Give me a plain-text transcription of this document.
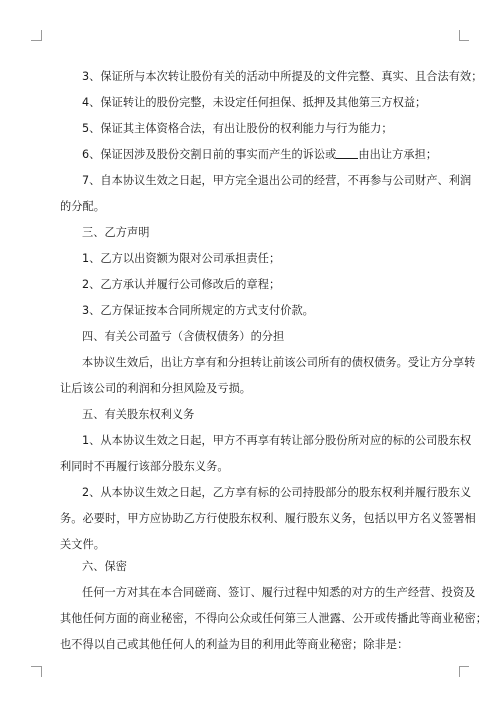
3、保证所与本次转让股份有关的活动中所提及的文件完整、真实、且合法有效；
4、保证转让的股份完整，未设定任何担保、抵押及其他第三方权益；
5、保证其主体资格合法，有出让股份的权利能力与行为能力；
6、保证因涉及股份交割日前的事实而产生的诉讼或 由出让方承担；
7、自本协议生效之日起，甲方完全退出公司的经营，不再参与公司财产、利润
的分配。
三、乙方声明
1、乙方以出资额为限对公司承担责任；
2、乙方承认并履行公司修改后的章程；
3、乙方保证按本合同所规定的方式支付价款。
四、有关公司盈亏（含债权债务）的分担
本协议生效后，出让方享有和分担转让前该公司所有的债权债务。受让方分享转
让后该公司的利润和分担风险及亏损。
五、有关股东权利义务
1、从本协议生效之日起，甲方不再享有转让部分股份所对应的标的公司股东权
利同时不再履行该部分股东义务。
2、从本协议生效之日起，乙方享有标的公司持股部分的股东权利并履行股东义
务。必要时，甲方应协助乙方行使股东权利、履行股东义务，包括以甲方名义签署相
关文件。
六、保密
任何一方对其在本合同磋商、签订、履行过程中知悉的对方的生产经营、投资及
其他任何方面的商业秘密，不得向公众或任何第三人泄露、公开或传播此等商业秘密；
也不得以自己或其他任何人的利益为目的利用此等商业秘密；除非是：
